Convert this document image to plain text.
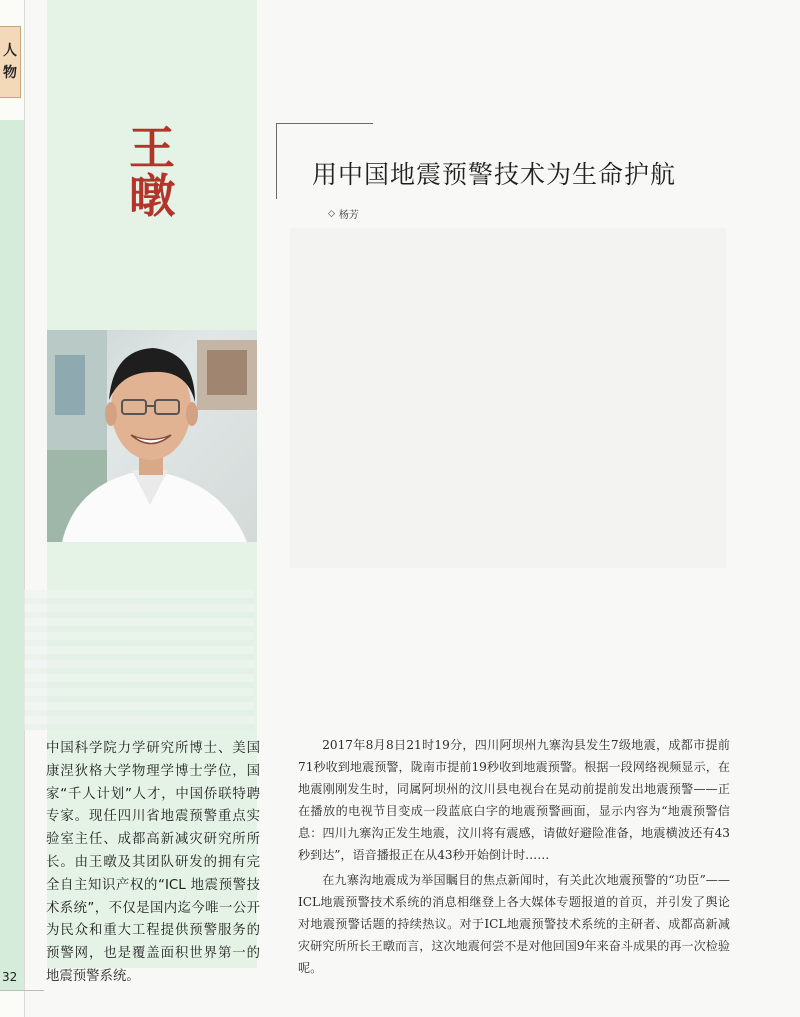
人
物
王
暾

中国科学院力学研究所博士、美国康涅狄格大学物理学博士学位，国家“千人计划”人才，中国侨联特聘专家。现任四川省地震预警重点实验室主任、成都高新减灾研究所所长。由王暾及其团队研发的拥有完全自主知识产权的“ICL 地震预警技术系统”，不仅是国内迄今唯一公开为民众和重大工程提供预警服务的预警网，也是覆盖面积世界第一的地震预警系统。

用中国地震预警技术为生命护航
◇ 杨芳

2017年8月8日21时19分，四川阿坝州九寨沟县发生7级地震，成都市提前71秒收到地震预警，陇南市提前19秒收到地震预警。根据一段网络视频显示，在地震刚刚发生时，同属阿坝州的汶川县电视台在晃动前提前发出地震预警——正在播放的电视节目变成一段蓝底白字的地震预警画面，显示内容为“地震预警信息：四川九寨沟正发生地震，汶川将有震感，请做好避险准备，地震横波还有43秒到达”，语音播报正在从43秒开始倒计时……

在九寨沟地震成为举国瞩目的焦点新闻时，有关此次地震预警的“功臣”——ICL地震预警技术系统的消息相继登上各大媒体专题报道的首页，并引发了舆论对地震预警话题的持续热议。对于ICL地震预警技术系统的主研者、成都高新减灾研究所所长王暾而言，这次地震何尝不是对他回国9年来奋斗成果的再一次检验呢。

32
